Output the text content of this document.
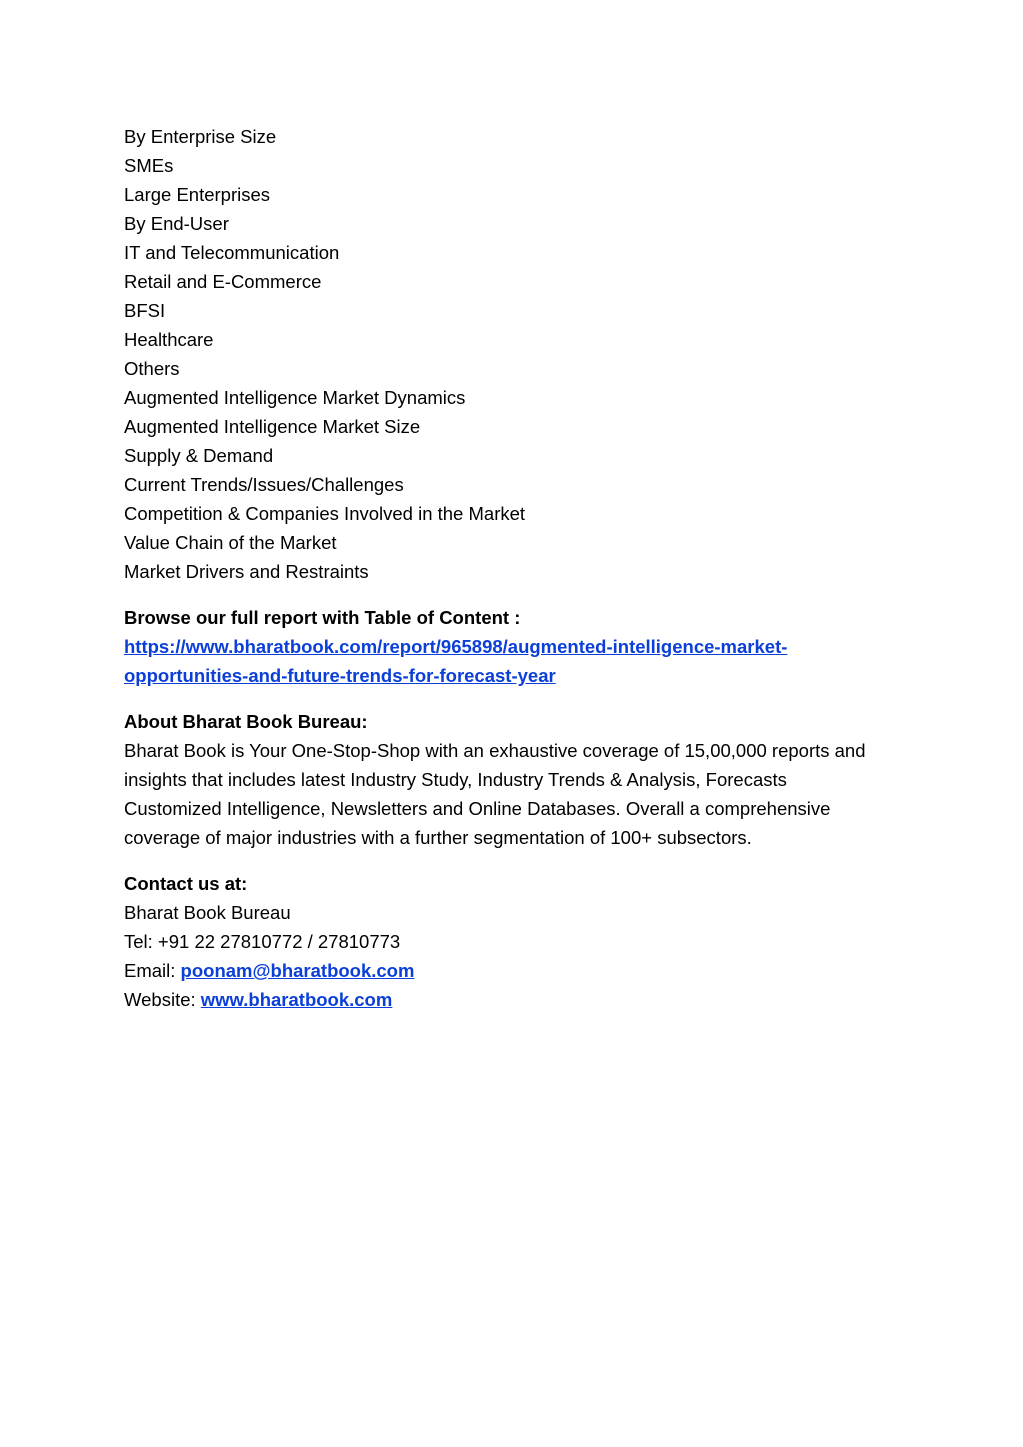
By Enterprise Size
SMEs
Large Enterprises
By End-User
IT and Telecommunication
Retail and E-Commerce
BFSI
Healthcare
Others
Augmented Intelligence Market Dynamics
Augmented Intelligence Market Size
Supply & Demand
Current Trends/Issues/Challenges
Competition & Companies Involved in the Market
Value Chain of the Market
Market Drivers and Restraints
Browse our full report with Table of Content :
https://www.bharatbook.com/report/965898/augmented-intelligence-market-
opportunities-and-future-trends-for-forecast-year
About Bharat Book Bureau:
Bharat Book is Your One-Stop-Shop with an exhaustive coverage of 15,00,000 reports and
insights that includes latest Industry Study, Industry Trends & Analysis, Forecasts
Customized Intelligence, Newsletters and Online Databases. Overall a comprehensive
coverage of major industries with a further segmentation of 100+ subsectors.
Contact us at:
Bharat Book Bureau
Tel: +91 22 27810772 / 27810773
Email: poonam@bharatbook.com
Website: www.bharatbook.com
